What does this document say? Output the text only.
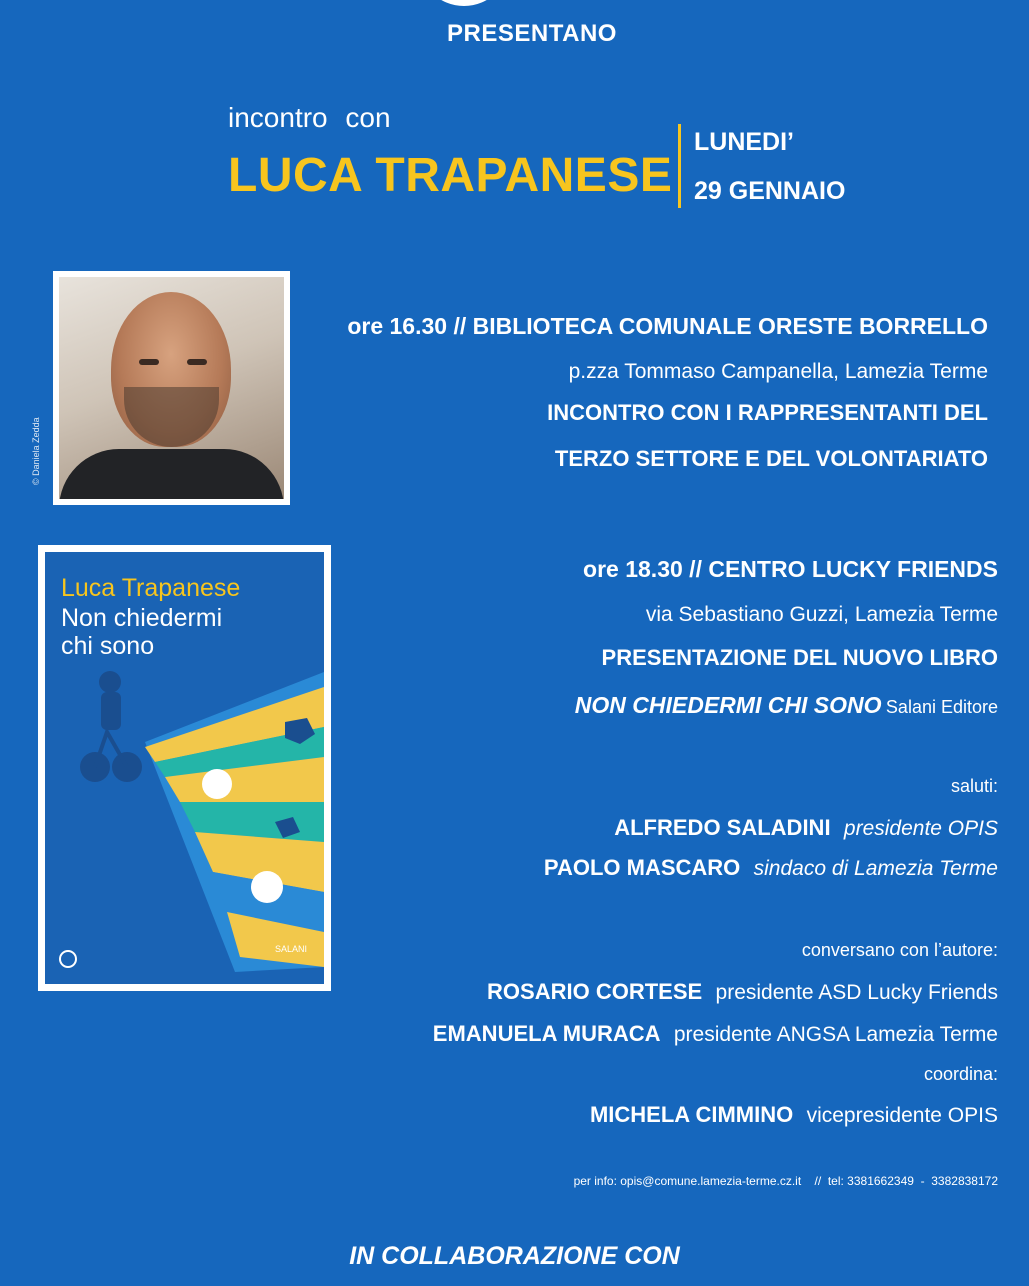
PRESENTANO
incontro con
LUCA TRAPANESE
LUNEDI’
29 GENNAIO
© Daniela Zedda
Luca Trapanese
Non chiedermi
chi sono
SALANI
ore 16.30 // BIBLIOTECA COMUNALE ORESTE BORRELLO
p.zza Tommaso Campanella, Lamezia Terme
INCONTRO CON I RAPPRESENTANTI DEL
TERZO SETTORE E DEL VOLONTARIATO
ore 18.30 // CENTRO LUCKY FRIENDS
via Sebastiano Guzzi, Lamezia Terme
PRESENTAZIONE DEL NUOVO LIBRO
NON CHIEDERMI CHI SONO Salani Editore
saluti:
ALFREDO SALADINI presidente OPIS
PAOLO MASCARO sindaco di Lamezia Terme
conversano con l’autore:
ROSARIO CORTESE presidente ASD Lucky Friends
EMANUELA MURACA presidente ANGSA Lamezia Terme
coordina:
MICHELA CIMMINO vicepresidente OPIS
per info: opis@comune.lamezia-terme.cz.it    //  tel: 3381662349  -  3382838172
IN COLLABORAZIONE CON
